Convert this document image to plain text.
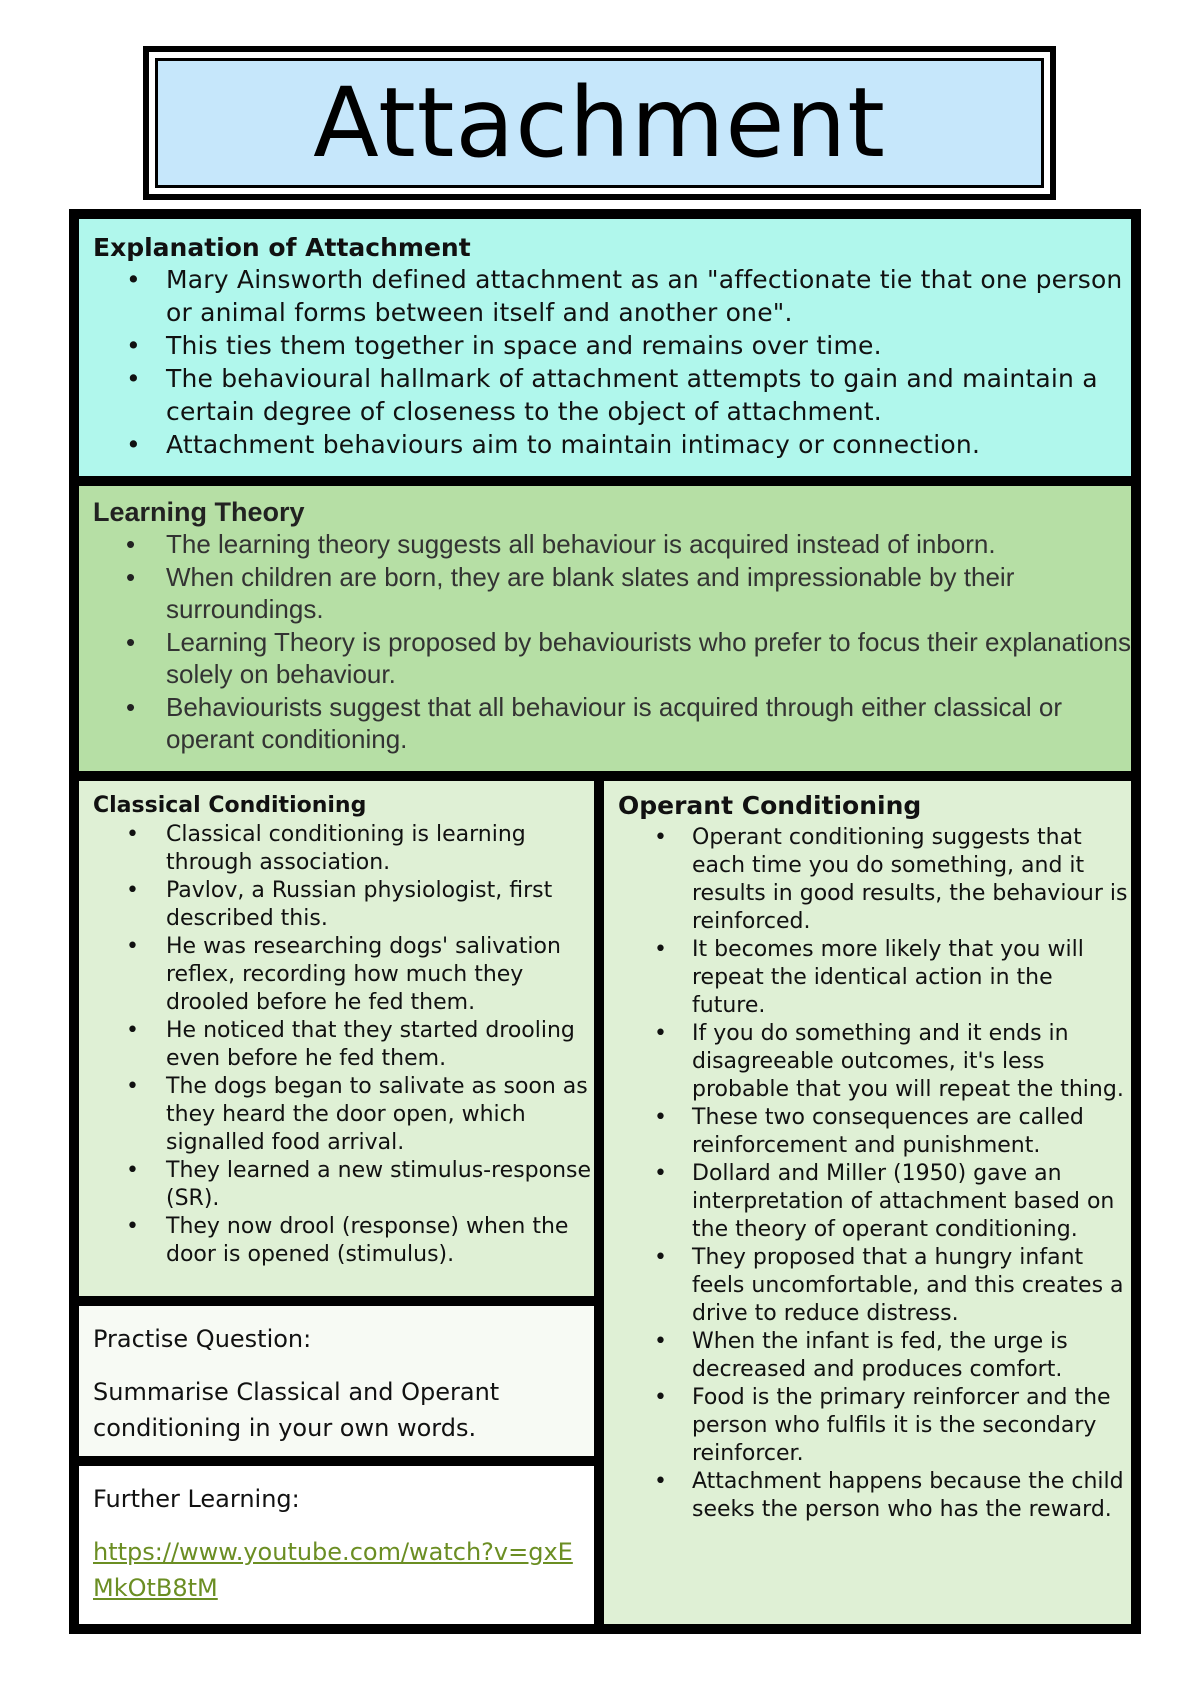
Attachment
Explanation of Attachment
• Mary Ainsworth defined attachment as an "affectionate tie that one person or animal forms between itself and another one".
• This ties them together in space and remains over time.
• The behavioural hallmark of attachment attempts to gain and maintain a certain degree of closeness to the object of attachment.
• Attachment behaviours aim to maintain intimacy or connection.
Learning Theory
• The learning theory suggests all behaviour is acquired instead of inborn.
• When children are born, they are blank slates and impressionable by their surroundings.
• Learning Theory is proposed by behaviourists who prefer to focus their explanations solely on behaviour.
• Behaviourists suggest that all behaviour is acquired through either classical or operant conditioning.
Classical Conditioning
• Classical conditioning is learning through association.
• Pavlov, a Russian physiologist, first described this.
• He was researching dogs' salivation reflex, recording how much they drooled before he fed them.
• He noticed that they started drooling even before he fed them.
• The dogs began to salivate as soon as they heard the door open, which signalled food arrival.
• They learned a new stimulus-response (SR).
• They now drool (response) when the door is opened (stimulus).
Operant Conditioning
• Operant conditioning suggests that each time you do something, and it results in good results, the behaviour is reinforced.
• It becomes more likely that you will repeat the identical action in the future.
• If you do something and it ends in disagreeable outcomes, it's less probable that you will repeat the thing.
• These two consequences are called reinforcement and punishment.
• Dollard and Miller (1950) gave an interpretation of attachment based on the theory of operant conditioning.
• They proposed that a hungry infant feels uncomfortable, and this creates a drive to reduce distress.
• When the infant is fed, the urge is decreased and produces comfort.
• Food is the primary reinforcer and the person who fulfils it is the secondary reinforcer.
• Attachment happens because the child seeks the person who has the reward.
Practise Question:
Summarise Classical and Operant conditioning in your own words.
Further Learning:
https://www.youtube.com/watch?v=gxEMkOtB8tM
